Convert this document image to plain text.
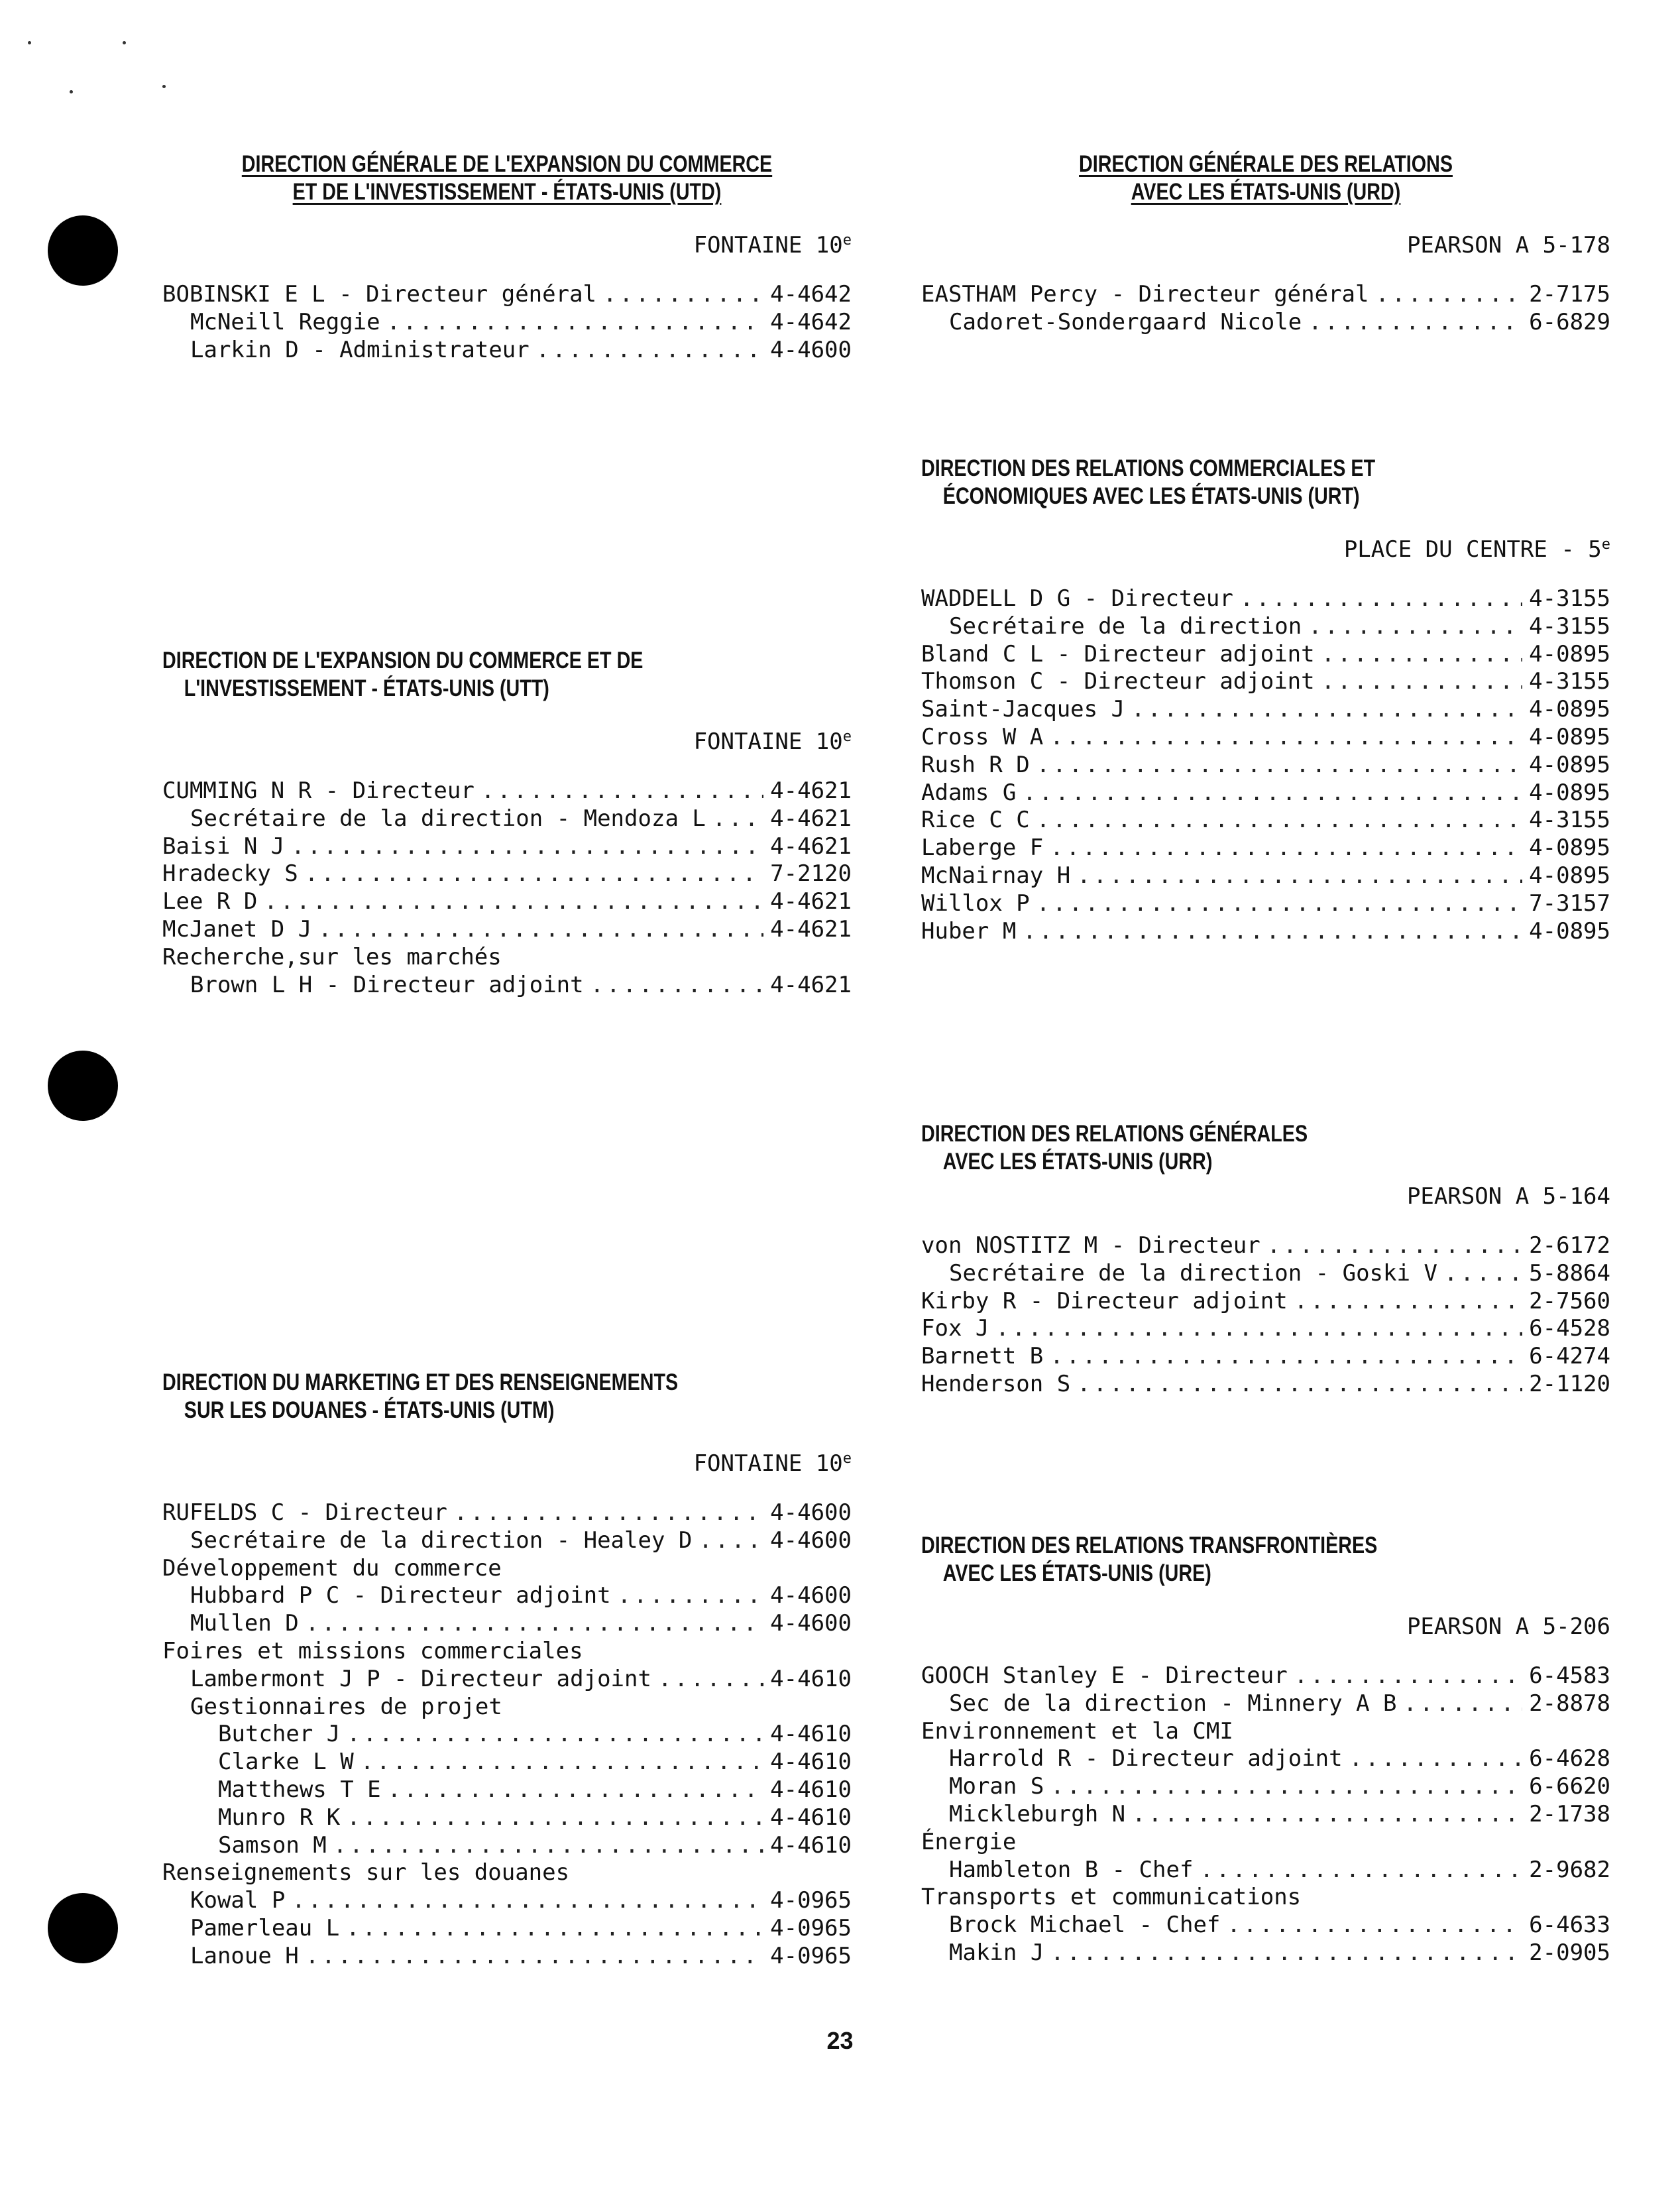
DIRECTION GÉNÉRALE DE L'EXPANSION DU COMMERCE
ET DE L'INVESTISSEMENT - ÉTATS-UNIS (UTD)
FONTAINE 10e
BOBINSKI E L - Directeur général .....	4-4642
McNeill Reggie .....	4-4642
Larkin D - Administrateur .....	4-4600
DIRECTION DE L'EXPANSION DU COMMERCE ET DE
L'INVESTISSEMENT - ÉTATS-UNIS (UTT)
FONTAINE 10e
CUMMING N R - Directeur .....	4-4621
Secrétaire de la direction - Mendoza L .....	4-4621
Baisi N J .....	4-4621
Hradecky S .....	7-2120
Lee R D .....	4-4621
McJanet D J .....	4-4621
Recherche,sur les marchés
Brown L H - Directeur adjoint .....	4-4621
DIRECTION DU MARKETING ET DES RENSEIGNEMENTS
SUR LES DOUANES - ÉTATS-UNIS (UTM)
FONTAINE 10e
RUFELDS C - Directeur .....	4-4600
Secrétaire de la direction - Healey D .....	4-4600
Développement du commerce
Hubbard P C - Directeur adjoint .....	4-4600
Mullen D .....	4-4600
Foires et missions commerciales
Lambermont J P - Directeur adjoint .....	4-4610
Gestionnaires de projet
Butcher J .....	4-4610
Clarke L W .....	4-4610
Matthews T E .....	4-4610
Munro R K .....	4-4610
Samson M .....	4-4610
Renseignements sur les douanes
Kowal P .....	4-0965
Pamerleau L .....	4-0965
Lanoue H .....	4-0965
DIRECTION GÉNÉRALE DES RELATIONS
AVEC LES ÉTATS-UNIS (URD)
PEARSON A 5-178
EASTHAM Percy - Directeur général .....	2-7175
Cadoret-Sondergaard Nicole .....	6-6829
DIRECTION DES RELATIONS COMMERCIALES ET
ÉCONOMIQUES AVEC LES ÉTATS-UNIS (URT)
PLACE DU CENTRE - 5e
WADDELL D G - Directeur .....	4-3155
Secrétaire de la direction .....	4-3155
Bland C L - Directeur adjoint .....	4-0895
Thomson C - Directeur adjoint .....	4-3155
Saint-Jacques J .....	4-0895
Cross W A .....	4-0895
Rush R D .....	4-0895
Adams G .....	4-0895
Rice C C .....	4-3155
Laberge F .....	4-0895
McNairnay H .....	4-0895
Willox P .....	7-3157
Huber M .....	4-0895
DIRECTION DES RELATIONS GÉNÉRALES
AVEC LES ÉTATS-UNIS (URR)
PEARSON A 5-164
von NOSTITZ M - Directeur .....	2-6172
Secrétaire de la direction - Goski V .....	5-8864
Kirby R - Directeur adjoint .....	2-7560
Fox J .....	6-4528
Barnett B .....	6-4274
Henderson S .....	2-1120
DIRECTION DES RELATIONS TRANSFRONTIÈRES
AVEC LES ÉTATS-UNIS (URE)
PEARSON A 5-206
GOOCH Stanley E - Directeur .....	6-4583
Sec de la direction - Minnery A B .....	2-8878
Environnement et la CMI
Harrold R - Directeur adjoint .....	6-4628
Moran S .....	6-6620
Mickleburgh N .....	2-1738
Énergie
Hambleton B - Chef .....	2-9682
Transports et communications
Brock Michael - Chef .....	6-4633
Makin J .....	2-0905
23
